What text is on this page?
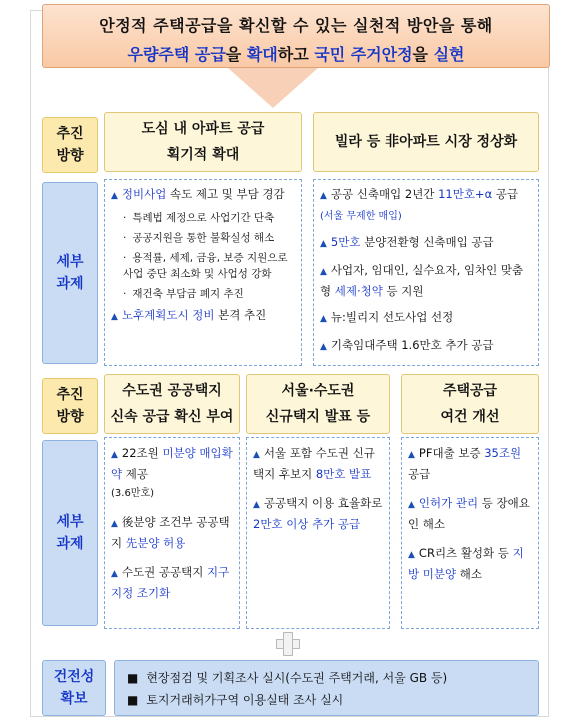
안정적 주택공급을 확신할 수 있는 실천적 방안을 통해
우량주택 공급을 확대하고 국민 주거안정을 실현
추진
방향
도심 내 아파트 공급
획기적 확대
빌라 등 非아파트 시장 정상화
세부
과제
▲ 정비사업 속도 제고 및 부담 경감
· 특례법 제정으로 사업기간 단축
· 공공지원을 통한 불확실성 해소
· 용적률, 세제, 금융, 보증 지원으로 사업 중단 최소화 및 사업성 강화
· 재건축 부담금 폐지 추진
▲ 노후계획도시 정비 본격 추진
▲ 공공 신축매입 2년간 11만호+α 공급 (서울 무제한 매입)
▲ 5만호 분양전환형 신축매입 공급
▲ 사업자, 임대인, 실수요자, 임차인 맞춤형 세제·청약 등 지원
▲ 뉴:빌리지 선도사업 선정
▲ 기축임대주택 1.6만호 추가 공급
추진
방향
수도권 공공택지
신속 공급 확신 부여
서울·수도권
신규택지 발표 등
주택공급
여건 개선
세부
과제
▲ 22조원 미분양 매입확약 제공
(3.6만호)
▲ 後분양 조건부 공공택지 先분양 허용
▲ 수도권 공공택지 지구지정 조기화
▲ 서울 포함 수도권 신규택지 후보지 8만호 발표
▲ 공공택지 이용 효율화로 2만호 이상 추가 공급
▲ PF대출 보증 35조원 공급
▲ 인허가 관리 등 장애요인 해소
▲ CR리츠 활성화 등 지방 미분양 해소
건전성
확보
■ 현장점검 및 기획조사 실시(수도권 주택거래, 서울 GB 등)
■ 토지거래허가구역 이용실태 조사 실시
